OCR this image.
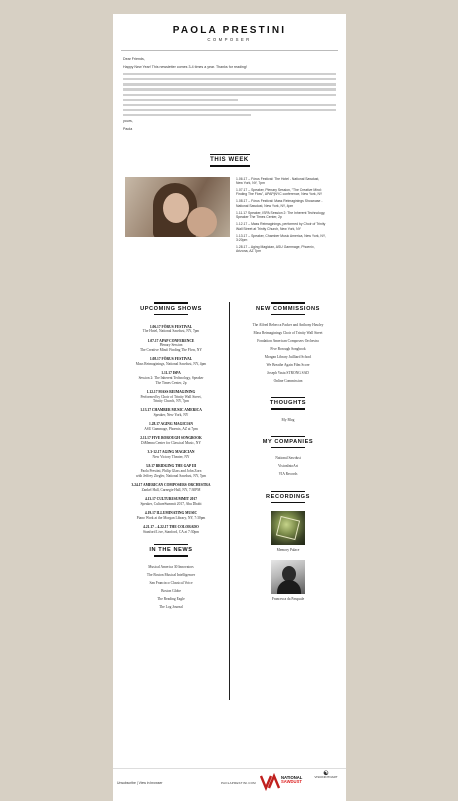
PAOLA PRESTINI
COMPOSER

Dear Friends,

Happy New Year! This newsletter comes 3-4 times a year. Thanks for reading!

yours,

Paola

THIS WEEK
1.06.17 – Fòrus Festival: The Hotel - National Sawdust, New York, NY, 7pm
1.07.17 – Speaker, Plenary Session, "The Creative Mind: Finding The Flow", APAP|NYC conference, New York, NY
1.08.17 – Fòrus Festival: Mass Reimaginings Showcase - National Sawdust, New York, NY, 4pm
1.11.17 Speaker, ISPA Session 2: The Inherent Technology, Speaker The Times Center, 2p
1.12.17 – Mass Reimaginings, performed by Choir of Trinity Wall Street at Trinity Church, New York, NY
1.13.17 – Speaker, Chamber Music America, New York, NY, 3:20pm
1.28.17 – Aging Magician, ASU Gammage, Phoenix, Arizona, AZ 7pm
UPCOMING SHOWS
1.06.17 FÒRUS FESTIVAL
The Hotel, National Sawdust, NY, 7pm
1.07.17 APAP CONFERENCE
Plenary Session
The Creative Mind: Finding The Flow, NY
1.08.17 FÒRUS FESTIVAL
Mass Reimaginings, National Sawdust, NY, 4pm
1.11.17 ISPA
Session 2: The Inherent Technology, Speaker
The Times Center, 2p
1.12.17 MASS REIMAGINING
Performed by Choir of Trinity Wall Street,
Trinity Church, NY, 7pm
1.13.17 CHAMBER MUSIC AMERICA
Speaker, New York, NY
1.28.17 AGING MAGICIAN
ASU Gammage, Phoenix, AZ at 7pm
2.11.17 FIVE BOROUGH SONGBOOK
DiMenna Center for Classical Music, NY
3.3-12.17 AGING MAGICIAN
New Victory Theater, NY
3.9.17 BRIDGING THE GAP III
Paola Prestini, Philip Glass and John Zorn
with Jeffrey Ziegler, National Sawdust, NY, 7pm
3.24.17 AMERICAN COMPOSERS ORCHESTRA
Zankel Hall, Carnegie Hall, NY, 7:30PM
4.13.17 CULTURESUMMIT 2017
Speaker, CultureSummit 2017, Abu Dhabi
4.19.17 ILLUMINATING MUSIC
Piano Work at the Morgan Library, NY, 7:30pm
4.21.17 – 4.22.17 THE COLORADO
Stanford Live, Stanford, CA at 7:30pm
IN THE NEWS
Musical America 30 Innovators
The Boston Musical Intelligencer
San Francisco Classical Voice
Boston Globe
The Reading Eagle
The Log Journal
NEW COMMISSIONS
The Alfred Rebecca Packer and Anthony Hawley
Mass Reimaginings Choir of Trinity Wall Street
Fondation American Composers Orchestra
Five Borough Songbook
Morgan Library Juilliard School
We Breathe Again Film Score
Joseph Vasta STRONG SAD
Online Commission
THOUGHTS
My Blog
MY COMPANIES
National Sawdust
VisionIntoArt
VIA Records
RECORDINGS
Memory Palace
Francesca da Pasquale
Unsubscribe | View in browser	PAOLAPRESTINI.COM
NATIONAL
SAWDUST
☯
VISIONINTOART
